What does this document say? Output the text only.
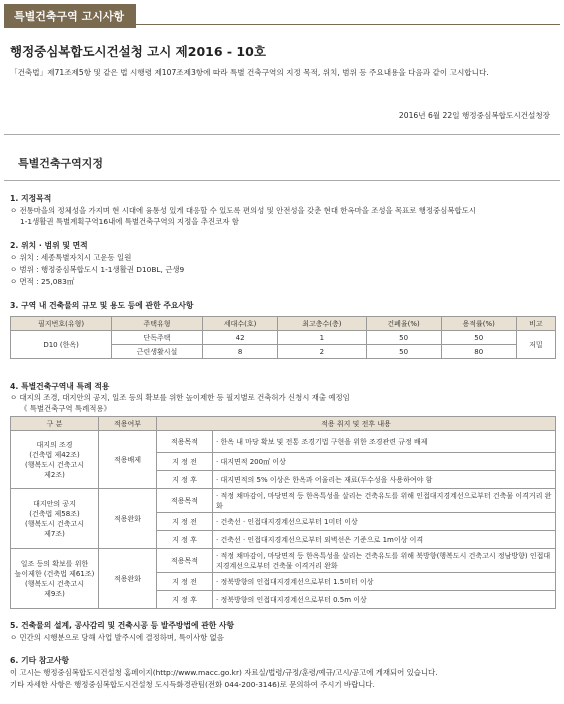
특별건축구역 고시사항
행정중심복합도시건설청 고시 제2016 - 10호
「건축법」제71조제5항 및 같은 법 시행령 제107조제3항에 따라 특별 건축구역의 지정 목적, 위치, 범위 등 주요내용을 다음과 같이 고시합니다.
2016년 6월 22일 행정중심복합도시건설청장
특별건축구역지정
1. 지정목적
ㅇ 전통마을의 정체성을 가지며 현 시대에 융통성 있게 대응할 수 있도록 편의성 및 안전성을 갖춘 현대 한옥마을 조성을 목표로 행정중심복합도시
1-1생활권 특별계획구역16내에 특별건축구역의 지정을 추진코자 함
2. 위치 · 범위 및 면적
ㅇ 위치 : 세종특별자치시 고운동 일원
ㅇ 범위 : 행정중심복합도시 1-1생활권 D10BL, 근생9
ㅇ 면적 : 25,083㎡
3. 구역 내 건축물의 규모 및 용도 등에 관한 주요사항
필지번호(유형)	주택유형	세대수(호)	최고층수(층)	건폐율(%)	용적률(%)	비고
D10 (한옥)	단독주택	42	1	50	50	저밀
	근린생활시설	8	2	50	80	
4. 특별건축구역내 특례 적용
ㅇ 대지의 조경, 대지안의 공지, 일조 등의 확보를 위한 높이제한 등 필지별로 건축허가 신청시 재출 예정임
《 특별건축구역 특례적용》
구 분	적용여부	적용 취지 및 전후 내용	

대지의 조경
(건축법 제42조)
(행복도시 건축고시
제2조)	적용배제	적용목적	· 한옥 내 마당 확보 및 전통 조경기법 구현을 위한 조경관련 규정 배제
		지 정 전	· 대지면적 200㎡ 이상
		지 정 후	· 대지면적의 5% 이상은 한옥과 어울리는 재료(두수성을 사용하여야 함

대지안의 공지
(건축법 제58조)
(행복도시 건축고시
제7조)	적용완화	적용목적	· 적정 채마감이, 마당면적 등 한옥특성을 살리는 건축유도를 위해 인접대지경계선으로부터 건축물 이격거리 완화
		지 정 전	· 건축선 · 인접대지경계선으로부터 1미터 이상
		지 정 후	· 건축선 · 인접대지경계선으로부터 외벽선은 기준으로 1m이상 이격

일조 등의 확보를 위한
높이제한 (건축법 제61조)
(행복도시 건축고시
제9조)	적용완화	적용목적	· 적정 채마감이, 마당면적 등 한옥특성을 살리는 건축유도를 위해 북방향(행복도시 건축고시 정남방향) 인접대지경계선으로부터 건축물 이격거리 완화
		지 정 전	· 정북방향의 인접대지경계선으로부터 1.5미터 이상
		지 정 후	· 정북방향의 인접대지경계선으로부터 0.5m 이상
5. 건축물의 설계, 공사감리 및 건축시공 등 발주방법에 관한 사항
ㅇ 민간의 시행분으로 당해 사업 발주시에 결정하며, 특이사항 없음
6. 기타 참고사항
이 고시는 행정중심복합도시건설청 홈페이지(http://www.macc.go.kr) 자료실/법령/규정/훈령/예규/고시/공고에 게재되어 있습니다.
기타 자세한 사항은 행정중심복합도시건설청 도시득화경관팀(전화 044-200-3146)로 문의하여 주시기 바랍니다.
